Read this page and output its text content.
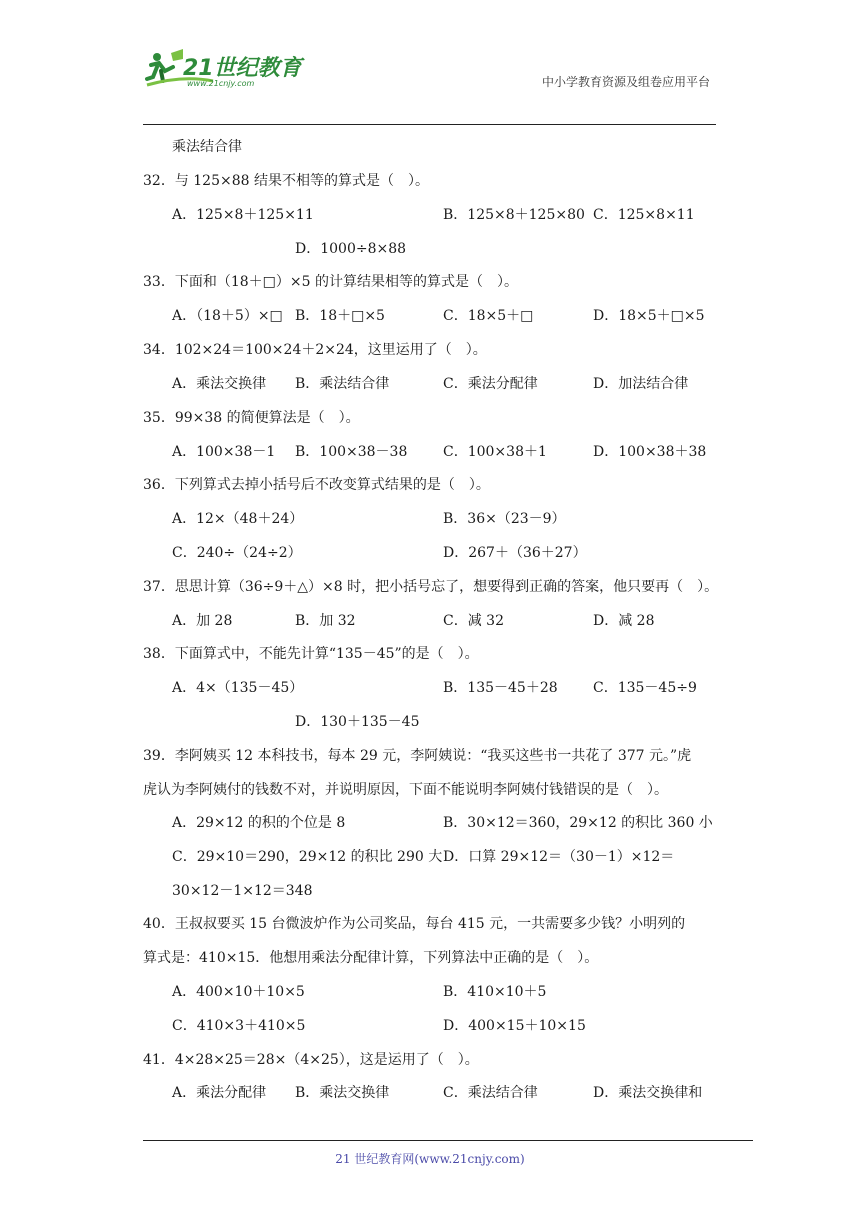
21世纪教育
www.21cnjy.com	中小学教育资源及组卷应用平台
乘法结合律
32．与 125×88 结果不相等的算式是（　）。
A．125×8＋125×11	B．125×8＋125×80 C．125×8×11
D．1000÷8×88
33．下面和（18＋□）×5 的计算结果相等的算式是（　）。
A．（18＋5）×□ B．18＋□×5	C．18×5＋□	D．18×5＋□×5
34．102×24＝100×24＋2×24，这里运用了（　）。
A．乘法交换律 B．乘法结合律	C．乘法分配律	D．加法结合律
35．99×38 的简便算法是（　）。
A．100×38－1 B．100×38－38	C．100×38＋1	D．100×38＋38
36．下列算式去掉小括号后不改变算式结果的是（　）。
A．12×（48＋24）	B．36×（23－9）
C．240÷（24÷2）	D．267＋（36＋27）
37．思思计算（36÷9＋△）×8 时，把小括号忘了，想要得到正确的答案，他只要再（　）。
A．加 28	B．加 32	C．减 32	D．减 28
38．下面算式中，不能先计算“135－45”的是（　）。
A．4×（135－45）	B．135－45＋28	C．135－45÷9
D．130＋135－45
39．李阿姨买 12 本科技书，每本 29 元，李阿姨说：“我买这些书一共花了 377 元。”虎
虎认为李阿姨付的钱数不对，并说明原因，下面不能说明李阿姨付钱错误的是（　）。
A．29×12 的积的个位是 8	B．30×12＝360，29×12 的积比 360 小
C．29×10＝290，29×12 的积比 290 大 D．口算 29×12＝（30－1）×12＝
30×12－1×12＝348
40．王叔叔要买 15 台微波炉作为公司奖品，每台 415 元，一共需要多少钱？小明列的
算式是：410×15．他想用乘法分配律计算，下列算法中正确的是（　）。
A．400×10＋10×5	B．410×10＋5
C．410×3＋410×5	D．400×15＋10×15
41．4×28×25＝28×（4×25），这是运用了（　）。
A．乘法分配律 B．乘法交换律	C．乘法结合律	D．乘法交换律和
21 世纪教育网(www.21cnjy.com)
